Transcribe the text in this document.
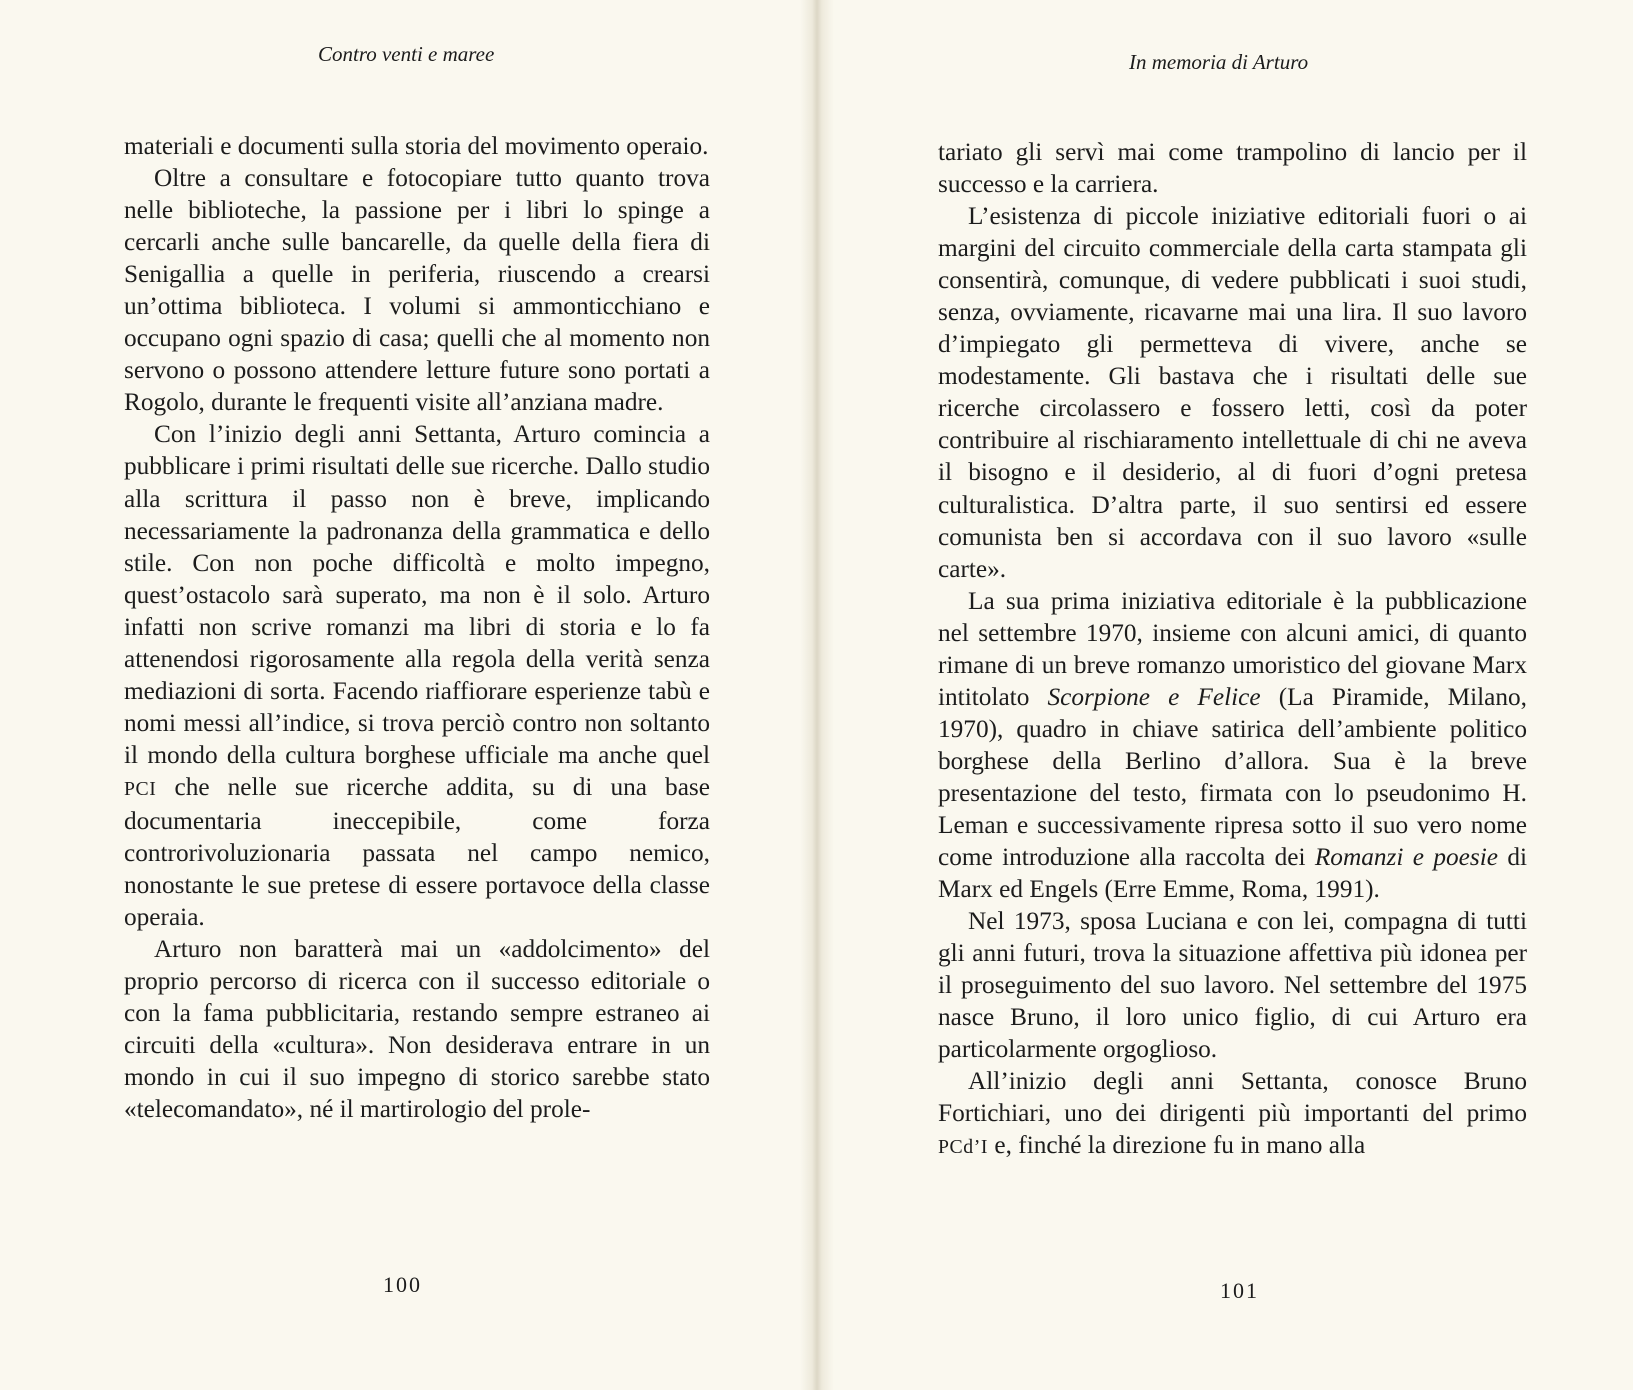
Contro venti e maree

materiali e documenti sulla storia del movimento operaio.

Oltre a consultare e fotocopiare tutto quanto trova nelle biblioteche, la passione per i libri lo spinge a cercarli anche sulle bancarelle, da quelle della fiera di Senigallia a quelle in periferia, riuscendo a crearsi un’ottima biblioteca. I volumi si ammonticchiano e occupano ogni spazio di casa; quelli che al momento non servono o possono attendere letture future sono portati a Rogolo, durante le frequenti visite all’anziana madre.

Con l’inizio degli anni Settanta, Arturo comincia a pubblicare i primi risultati delle sue ricerche. Dallo studio alla scrittura il passo non è breve, implicando necessariamente la padronanza della grammatica e dello stile. Con non poche difficoltà e molto impegno, quest’ostacolo sarà superato, ma non è il solo. Arturo infatti non scrive romanzi ma libri di storia e lo fa attenendosi rigorosamente alla regola della verità senza mediazioni di sorta. Facendo riaffiorare esperienze tabù e nomi messi all’indice, si trova perciò contro non soltanto il mondo della cultura borghese ufficiale ma anche quel PCI che nelle sue ricerche addita, su di una base documentaria ineccepibile, come forza controrivoluzionaria passata nel campo nemico, nonostante le sue pretese di essere portavoce della classe operaia.

Arturo non baratterà mai un «addolcimento» del proprio percorso di ricerca con il successo editoriale o con la fama pubblicitaria, restando sempre estraneo ai circuiti della «cultura». Non desiderava entrare in un mondo in cui il suo impegno di storico sarebbe stato «telecomandato», né il martirologio del prole-

100
In memoria di Arturo

tariato gli servì mai come trampolino di lancio per il successo e la carriera.

L’esistenza di piccole iniziative editoriali fuori o ai margini del circuito commerciale della carta stampata gli consentirà, comunque, di vedere pubblicati i suoi studi, senza, ovviamente, ricavarne mai una lira. Il suo lavoro d’impiegato gli permetteva di vivere, anche se modestamente. Gli bastava che i risultati delle sue ricerche circolassero e fossero letti, così da poter contribuire al rischiaramento intellettuale di chi ne aveva il bisogno e il desiderio, al di fuori d’ogni pretesa culturalistica. D’altra parte, il suo sentirsi ed essere comunista ben si accordava con il suo lavoro «sulle carte».

La sua prima iniziativa editoriale è la pubblicazione nel settembre 1970, insieme con alcuni amici, di quanto rimane di un breve romanzo umoristico del giovane Marx intitolato Scorpione e Felice (La Piramide, Milano, 1970), quadro in chiave satirica dell’ambiente politico borghese della Berlino d’allora. Sua è la breve presentazione del testo, firmata con lo pseudonimo H. Leman e successivamente ripresa sotto il suo vero nome come introduzione alla raccolta dei Romanzi e poesie di Marx ed Engels (Erre Emme, Roma, 1991).

Nel 1973, sposa Luciana e con lei, compagna di tutti gli anni futuri, trova la situazione affettiva più idonea per il proseguimento del suo lavoro. Nel settembre del 1975 nasce Bruno, il loro unico figlio, di cui Arturo era particolarmente orgoglioso.

All’inizio degli anni Settanta, conosce Bruno Fortichiari, uno dei dirigenti più importanti del primo PCd’I e, finché la direzione fu in mano alla

101
